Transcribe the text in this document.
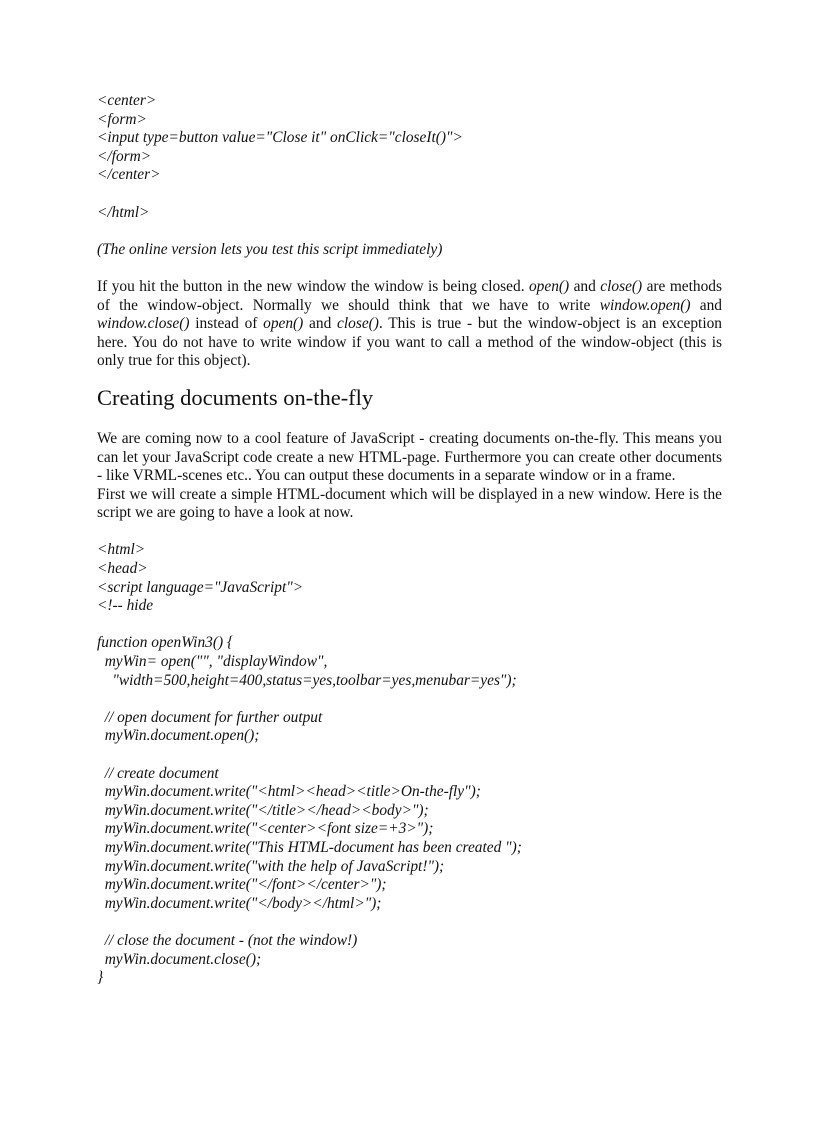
<center>
<form>
<input type=button value="Close it" onClick="closeIt()">
</form>
</center>
</html>

(The online version lets you test this script immediately)

If you hit the button in the new window the window is being closed. open() and close() are methods of the window-object. Normally we should think that we have to write window.open() and window.close() instead of open() and close(). This is true - but the window-object is an exception here. You do not have to write window if you want to call a method of the window-object (this is only true for this object).

Creating documents on-the-fly

We are coming now to a cool feature of JavaScript - creating documents on-the-fly. This means you can let your JavaScript code create a new HTML-page. Furthermore you can create other documents - like VRML-scenes etc.. You can output these documents in a separate window or in a frame.

First we will create a simple HTML-document which will be displayed in a new window. Here is the script we are going to have a look at now.

<html>
<head>
<script language="JavaScript">
<!-- hide
function openWin3() {
myWin= open("", "displayWindow",
"width=500,height=400,status=yes,toolbar=yes,menubar=yes");
// open document for further output
myWin.document.open();
// create document
myWin.document.write("<html><head><title>On-the-fly");
myWin.document.write("</title></head><body>");
myWin.document.write("<center><font size=+3>");
myWin.document.write("This HTML-document has been created ");
myWin.document.write("with the help of JavaScript!");
myWin.document.write("</font></center>");
myWin.document.write("</body></html>");
// close the document - (not the window!)
myWin.document.close();
}
